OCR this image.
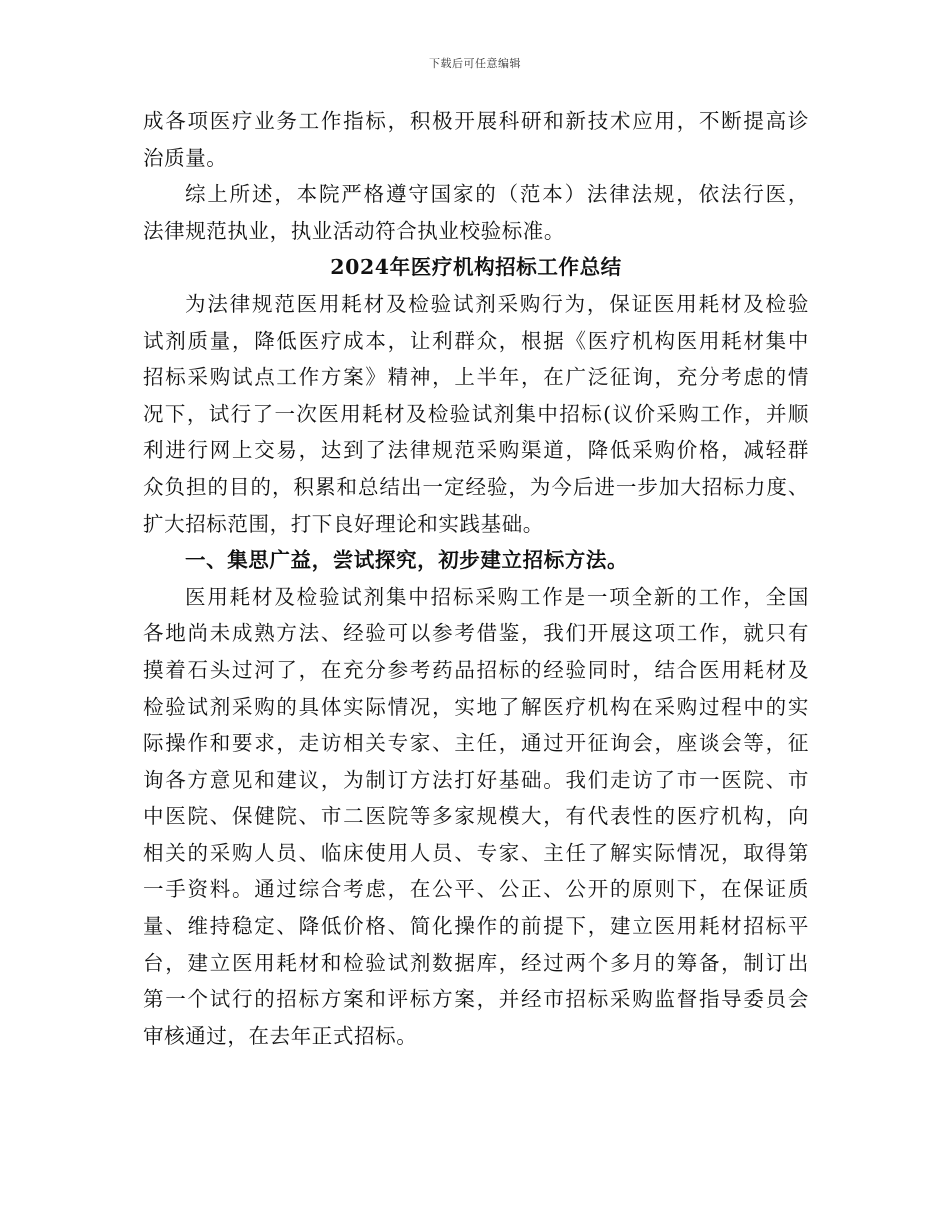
下载后可任意编辑
成各项医疗业务工作指标，积极开展科研和新技术应用，不断提高诊
治质量。
综上所述，本院严格遵守国家的（范本）法律法规，依法行医，
法律规范执业，执业活动符合执业校验标准。
2024年医疗机构招标工作总结
为法律规范医用耗材及检验试剂采购行为，保证医用耗材及检验
试剂质量，降低医疗成本，让利群众，根据《医疗机构医用耗材集中
招标采购试点工作方案》精神，上半年，在广泛征询，充分考虑的情
况下，试行了一次医用耗材及检验试剂集中招标(议价采购工作，并顺
利进行网上交易，达到了法律规范采购渠道，降低采购价格，减轻群
众负担的目的，积累和总结出一定经验，为今后进一步加大招标力度、
扩大招标范围，打下良好理论和实践基础。
一、集思广益，尝试探究，初步建立招标方法。
医用耗材及检验试剂集中招标采购工作是一项全新的工作，全国
各地尚未成熟方法、经验可以参考借鉴，我们开展这项工作，就只有
摸着石头过河了，在充分参考药品招标的经验同时，结合医用耗材及
检验试剂采购的具体实际情况，实地了解医疗机构在采购过程中的实
际操作和要求，走访相关专家、主任，通过开征询会，座谈会等，征
询各方意见和建议，为制订方法打好基础。我们走访了市一医院、市
中医院、保健院、市二医院等多家规模大，有代表性的医疗机构，向
相关的采购人员、临床使用人员、专家、主任了解实际情况，取得第
一手资料。通过综合考虑，在公平、公正、公开的原则下，在保证质
量、维持稳定、降低价格、简化操作的前提下，建立医用耗材招标平
台，建立医用耗材和检验试剂数据库，经过两个多月的筹备，制订出
第一个试行的招标方案和评标方案，并经市招标采购监督指导委员会
审核通过，在去年正式招标。
